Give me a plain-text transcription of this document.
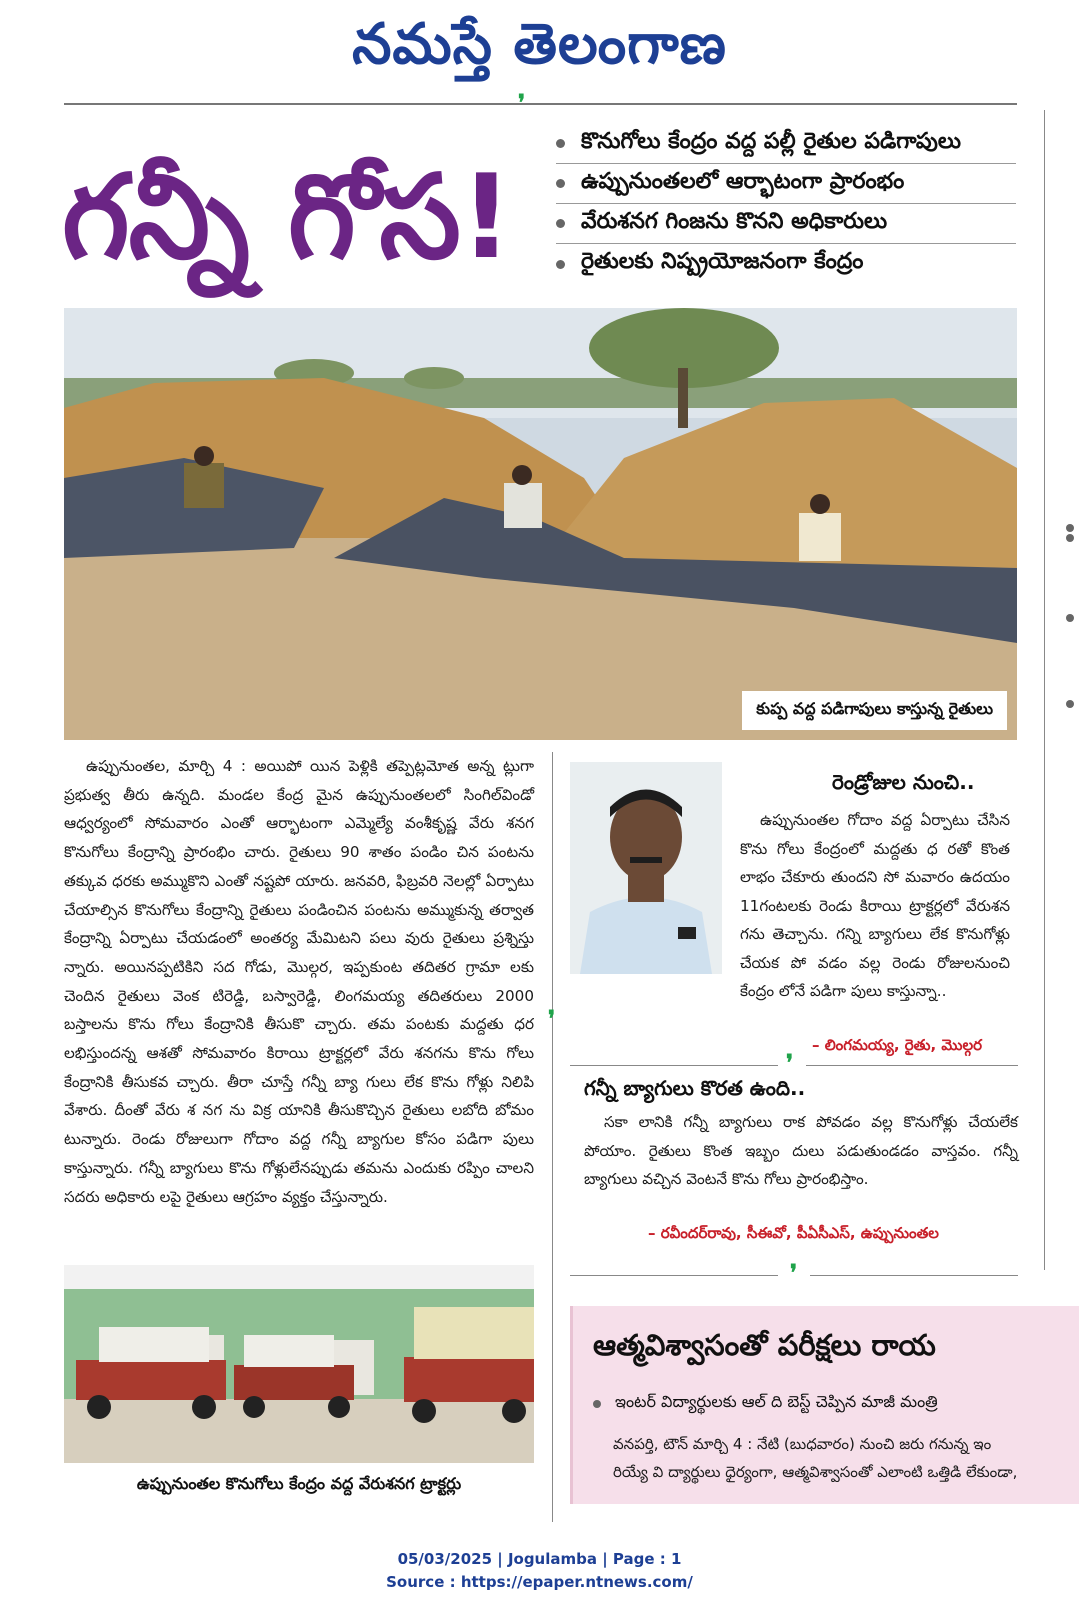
నమస్తే తెలంగాణ
❜
గన్నీ గోస!
కొనుగోలు కేంద్రం వద్ద పల్లీ రైతుల పడిగాపులు
ఉప్పునుంతలలో ఆర్భాటంగా ప్రారంభం
వేరుశనగ గింజను కొనని అధికారులు
రైతులకు నిష్ప్రయోజనంగా కేంద్రం
కుప్ప వద్ద పడిగాపులు కాస్తున్న రైతులు
ఉప్పునుంతల, మార్చి 4 : అయిపో యిన పెళ్లికి తప్పెట్లమోత అన్న ట్లుగా ప్రభుత్వ తీరు ఉన్నది. మండల కేంద్ర మైన ఉప్పునుంతలలో సింగిల్‌విండో ఆధ్వర్యంలో సోమవారం ఎంతో ఆర్భాటంగా ఎమ్మెల్యే వంశీకృష్ణ వేరు శనగ కొనుగోలు కేంద్రాన్ని ప్రారంభిం చారు. రైతులు 90 శాతం పండిం చిన పంటను తక్కువ ధరకు అమ్ముకొని ఎంతో నష్టపో యారు. జనవరి, ఫిబ్రవరి నెలల్లో ఏర్పాటు చేయాల్సిన కొనుగోలు కేంద్రాన్ని రైతులు పండించిన పంటను అమ్ముకున్న తర్వాత కేంద్రాన్ని ఏర్పాటు చేయడంలో అంతర్య మేమిటని పలు వురు రైతులు ప్రశ్నిస్తు న్నారు. అయినప్పటికిని సద గోడు, మొల్గర, ఇప్పకుంట తదితర గ్రామా లకు చెందిన రైతులు వెంక టిరెడ్డి, బస్వారెడ్డి, లింగమయ్య తదితరులు 2000 బస్తాలను కొను గోలు కేంద్రానికి తీసుకొ చ్చారు. తమ పంటకు మద్దతు ధర లభిస్తుందన్న ఆశతో సోమవారం కిరాయి ట్రాక్టర్లలో వేరు శనగను కొను గోలు కేంద్రానికి తీసుకవ చ్చారు. తీరా చూస్తే గన్నీ బ్యా గులు లేక కొను గోళ్లు నిలిపి వేశారు. దీంతో వేరు శ నగ ను విక్ర యానికి తీసుకొచ్చిన రైతులు లబోది బోమం టున్నారు. రెండు రోజులుగా గోదాం వద్ద గన్నీ బ్యాగుల కోసం పడిగా పులు కాస్తున్నారు. గన్నీ బ్యాగులు కొను గోళ్లులేనప్పుడు తమను ఎందుకు రప్పిం చాలని సదరు అధికారు లపై రైతులు ఆగ్రహం వ్యక్తం చేస్తున్నారు.
రెండ్రోజుల నుంచి..
ఉప్పునుంతల గోదాం వద్ద ఏర్పాటు చేసిన కొను గోలు కేంద్రంలో మద్దతు ధ రతో కొంత లాభం చేకూరు తుందని సో మవారం ఉదయం 11గంటలకు రెండు కిరాయి ట్రాక్టర్లలో వేరుశన గను తెచ్చాను. గన్ని బ్యాగులు లేక కొనుగోళ్లు చేయక పో వడం వల్ల రెండు రోజులనుంచి కేంద్రం లోనే పడిగా పులు కాస్తున్నా..
❜
– లింగమయ్య, రైతు, మొల్గర
❜
గన్నీ బ్యాగులు కొరత ఉంది..
సకా లానికి గన్నీ బ్యాగులు రాక పోవడం వల్ల కొనుగోళ్లు చేయలేక పోయాం. రైతులు కొంత ఇబ్బం దులు పడుతుండడం వాస్తవం. గన్నీ బ్యాగులు వచ్చిన వెంటనే కొను గోలు ప్రారంభిస్తాం.
– రవీందర్‌రావు, సీఈవో, పీఏసీఎస్, ఉప్పునుంతల
❜
ఉప్పునుంతల కొనుగోలు కేంద్రం వద్ద వేరుశనగ ట్రాక్టర్లు
ఆత్మవిశ్వాసంతో పరీక్షలు రాయ
ఇంటర్ విద్యార్థులకు ఆల్ ది బెస్ట్ చెప్పిన మాజీ మంత్రి
వనపర్తి, టౌన్ మార్చి 4 : నేటి (బుధవారం) నుంచి జరు గనున్న ఇం
రియ్యే వి ద్యార్థులు ధైర్యంగా, ఆత్మవిశ్వాసంతో ఎలాంటి ఒత్తిడి లేకుండా,
05/03/2025 | Jogulamba | Page : 1
Source : https://epaper.ntnews.com/
